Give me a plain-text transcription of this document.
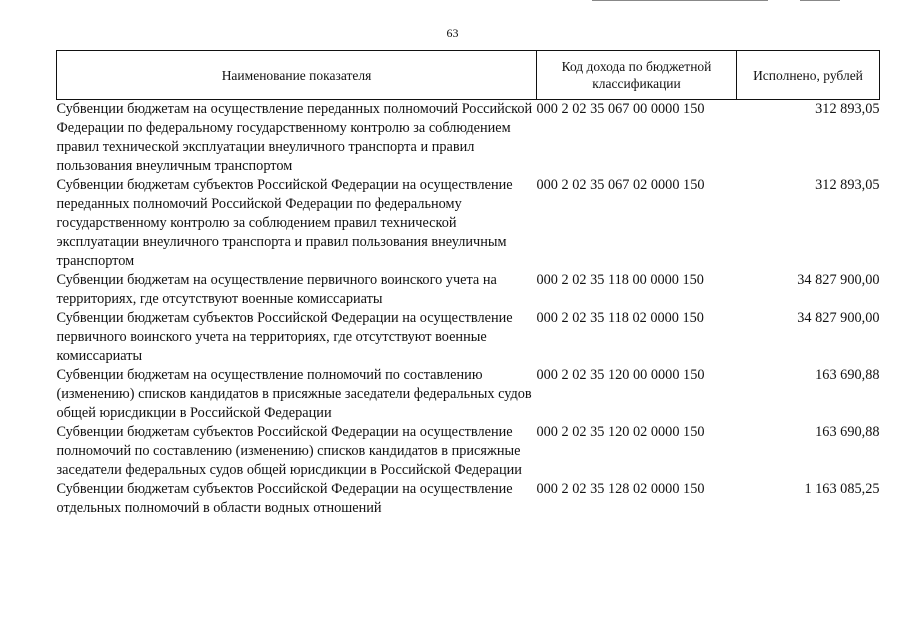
63
Наименование показателя	Код дохода по бюджетной классификации	Исполнено, рублей
Субвенции бюджетам на осуществление переданных полномочий Российской Федерации по федеральному государственному контролю за соблюдением правил технической эксплуатации внеуличного транспорта и правил пользования внеуличным транспортом	000 2 02 35 067 00 0000 150	312 893,05
Субвенции бюджетам субъектов Российской Федерации на осуществление переданных полномочий Российской Федерации по федеральному государственному контролю за соблюдением правил технической эксплуатации внеуличного транспорта и правил пользования внеуличным транспортом	000 2 02 35 067 02 0000 150	312 893,05
Субвенции бюджетам на осуществление первичного воинского учета на территориях, где отсутствуют военные комиссариаты	000 2 02 35 118 00 0000 150	34 827 900,00
Субвенции бюджетам субъектов Российской Федерации на осуществление первичного воинского учета на территориях, где отсутствуют военные комиссариаты	000 2 02 35 118 02 0000 150	34 827 900,00
Субвенции бюджетам на осуществление полномочий по составлению (изменению) списков кандидатов в присяжные заседатели федеральных судов общей юрисдикции в Российской Федерации	000 2 02 35 120 00 0000 150	163 690,88
Субвенции бюджетам субъектов Российской Федерации на осуществление полномочий по составлению (изменению) списков кандидатов в присяжные заседатели федеральных судов общей юрисдикции в Российской Федерации	000 2 02 35 120 02 0000 150	163 690,88
Субвенции бюджетам субъектов Российской Федерации на осуществление отдельных полномочий в области водных отношений	000 2 02 35 128 02 0000 150	1 163 085,25
